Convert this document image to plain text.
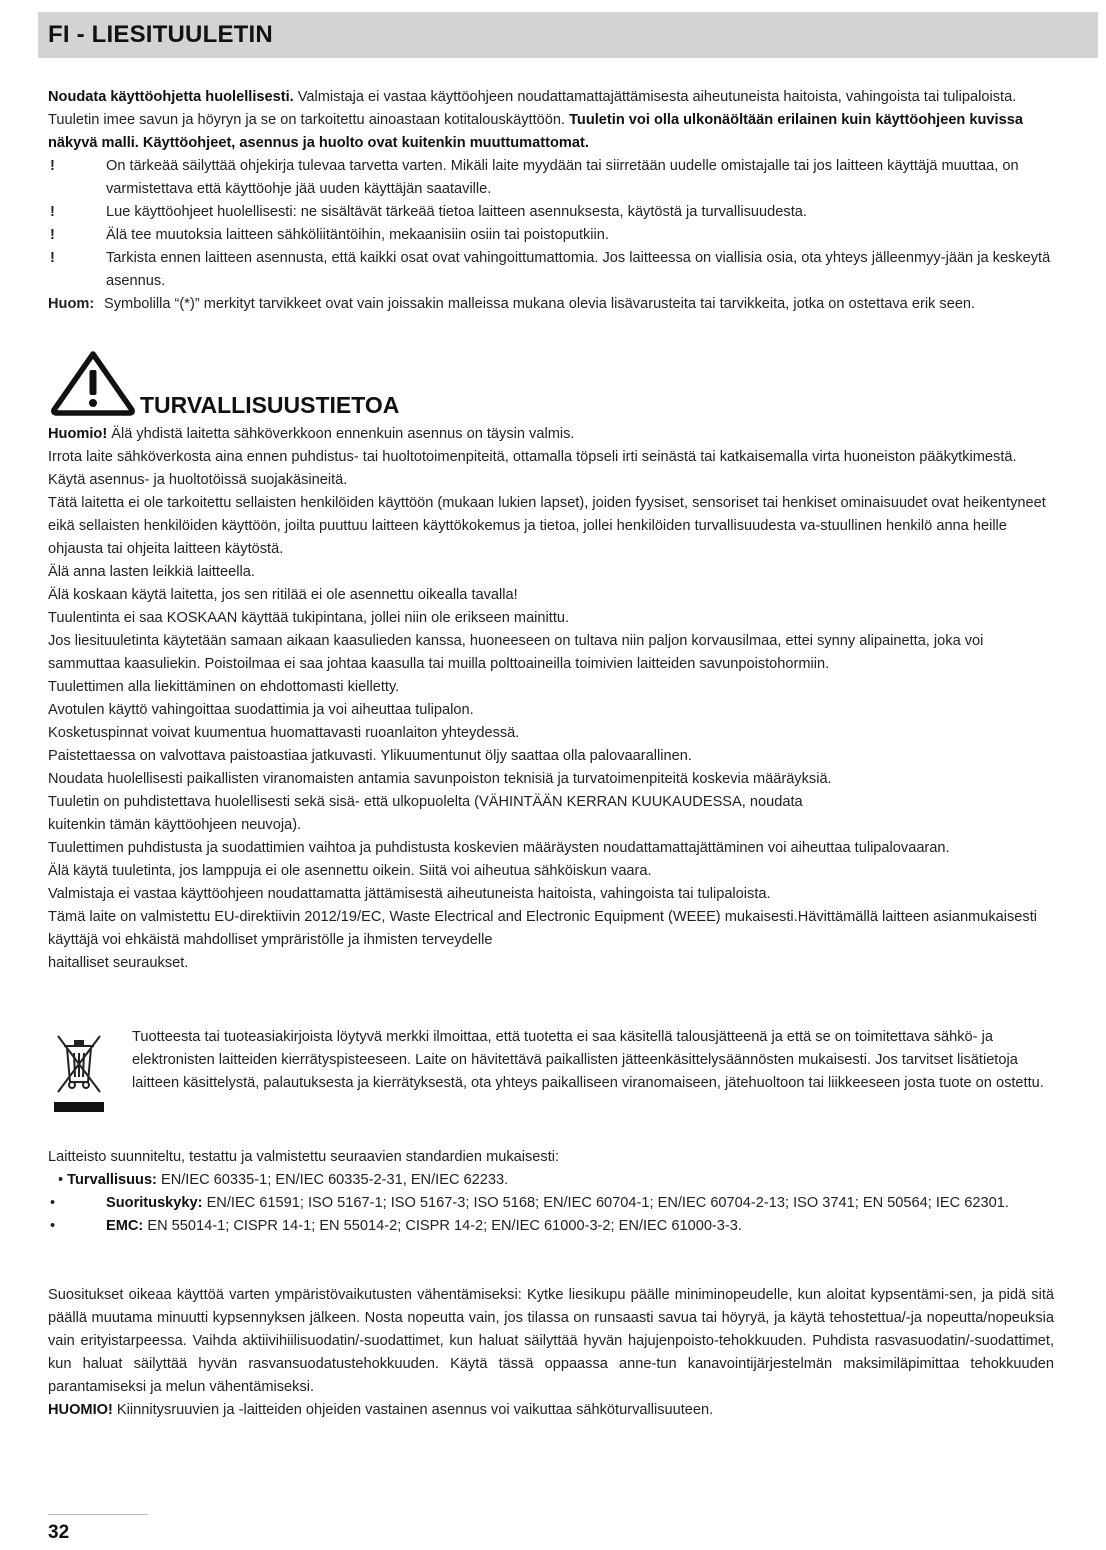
FI - LIESITUULETIN

Noudata käyttöohjetta huolellisesti. Valmistaja ei vastaa käyttöohjeen noudattamattajättämisesta aiheutuneista haitoista, vahingoista tai tulipaloista. Tuuletin imee savun ja höyryn ja se on tarkoitettu ainoastaan kotitalouskäyttöön. Tuuletin voi olla ulkonäöltään erilainen kuin käyttöohjeen kuvissa näkyvä malli. Käyttöohjeet, asennus ja huolto ovat kuitenkin muuttumattomat.

!	On tärkeää säilyttää ohjekirja tulevaa tarvetta varten. Mikäli laite myydään tai siirretään uudelle omistajalle tai jos laitteen käyttäjä muuttaa, on varmistettava että käyttöohje jää uuden käyttäjän saataville.

!	Lue käyttöohjeet huolellisesti: ne sisältävät tärkeää tietoa laitteen asennuksesta, käytöstä ja turvallisuudesta.

!	Älä tee muutoksia laitteen sähköliitäntöihin, mekaanisiin osiin tai poistoputkiin.

!	Tarkista ennen laitteen asennusta, että kaikki osat ovat vahingoittumattomia. Jos laitteessa on viallisia osia, ota yhteys jälleenmyy-jään ja keskeytä asennus.

Huom: Symbolilla “(*)” merkityt tarvikkeet ovat vain joissakin malleissa mukana olevia lisävarusteita tai tarvikkeita, jotka on ostettava erik seen.

TURVALLISUUSTIETOA

Huomio! Älä yhdistä laitetta sähköverkkoon ennenkuin asennus on täysin valmis.

Irrota laite sähköverkosta aina ennen puhdistus- tai huoltotoimenpiteitä, ottamalla töpseli irti seinästä tai katkaisemalla virta huoneiston pääkytkimestä.

Käytä asennus- ja huoltotöissä suojakäsineitä.

Tätä laitetta ei ole tarkoitettu sellaisten henkilöiden käyttöön (mukaan lukien lapset), joiden fyysiset, sensoriset tai henkiset ominaisuudet ovat heikentyneet eikä sellaisten henkilöiden käyttöön, joilta puuttuu laitteen käyttökokemus ja tietoa, jollei henkilöiden turvallisuudesta va-stuullinen henkilö anna heille ohjausta tai ohjeita laitteen käytöstä.

Älä anna lasten leikkiä laitteella.

Älä koskaan käytä laitetta, jos sen ritilää ei ole asennettu oikealla tavalla!

Tuulentinta ei saa KOSKAAN käyttää tukipintana, jollei niin ole erikseen mainittu.

Jos liesituuletinta käytetään samaan aikaan kaasulieden kanssa, huoneeseen on tultava niin paljon korvausilmaa, ettei synny alipainetta, joka voi sammuttaa kaasuliekin. Poistoilmaa ei saa johtaa kaasulla tai muilla polttoaineilla toimivien laitteiden savunpoistohormiin.

Tuulettimen alla liekittäminen on ehdottomasti kielletty.

Avotulen käyttö vahingoittaa suodattimia ja voi aiheuttaa tulipalon.

Kosketuspinnat voivat kuumentua huomattavasti ruoanlaiton yhteydessä.

Paistettaessa on valvottava paistoastiaa jatkuvasti. Ylikuumentunut öljy saattaa olla palovaarallinen.

Noudata huolellisesti paikallisten viranomaisten antamia savunpoiston teknisiä ja turvatoimenpiteitä koskevia määräyksiä.

Tuuletin on puhdistettava huolellisesti sekä sisä- että ulkopuolelta (VÄHINTÄÄN KERRAN KUUKAUDESSA, noudata

kuitenkin tämän käyttöohjeen neuvoja).

Tuulettimen puhdistusta ja suodattimien vaihtoa ja puhdistusta koskevien määräysten noudattamattajättäminen voi aiheuttaa tulipalovaaran.

Älä käytä tuuletinta, jos lamppuja ei ole asennettu oikein. Siitä voi aiheutua sähköiskun vaara.

Valmistaja ei vastaa käyttöohjeen noudattamatta jättämisestä aiheutuneista haitoista, vahingoista tai tulipaloista.

Tämä laite on valmistettu EU-direktiivin 2012/19/EC, Waste Electrical and Electronic Equipment (WEEE) mukaisesti.Hävittämällä laitteen asianmukaisesti käyttäjä voi ehkäistä mahdolliset ympräristölle ja ihmisten terveydelle

haitalliset seuraukset.

Tuotteesta tai tuoteasiakirjoista löytyvä merkki ilmoittaa, että tuotetta ei saa käsitellä talousjätteenä ja että se on toimitettava sähkö- ja elektronisten laitteiden kierrätyspisteeseen. Laite on hävitettävä paikallisten jätteenkäsittelysäännösten mukaisesti. Jos tarvitset lisätietoja laitteen käsittelystä, palautuksesta ja kierrätyksestä, ota yhteys paikalliseen viranomaiseen, jätehuoltoon tai liikkeeseen josta tuote on ostettu.

Laitteisto suunniteltu, testattu ja valmistettu seuraavien standardien mukaisesti:

• Turvallisuus: EN/IEC 60335-1; EN/IEC 60335-2-31, EN/IEC 62233.

•	Suorituskyky: EN/IEC 61591; ISO 5167-1; ISO 5167-3; ISO 5168; EN/IEC 60704-1; EN/IEC 60704-2-13; ISO 3741; EN 50564; IEC 62301.

•	EMC: EN 55014-1; CISPR 14-1; EN 55014-2; CISPR 14-2; EN/IEC 61000-3-2; EN/IEC 61000-3-3.

Suositukset oikeaa käyttöä varten ympäristövaikutusten vähentämiseksi: Kytke liesikupu päälle miniminopeudelle, kun aloitat kypsentämi-sen, ja pidä sitä päällä muutama minuutti kypsennyksen jälkeen. Nosta nopeutta vain, jos tilassa on runsaasti savua tai höyryä, ja käytä tehostettua/-ja nopeutta/nopeuksia vain erityistarpeessa. Vaihda aktiivihiilisuodatin/-suodattimet, kun haluat säilyttää hyvän hajujenpoisto-tehokkuuden. Puhdista rasvasuodatin/-suodattimet, kun haluat säilyttää hyvän rasvansuodatustehokkuuden. Käytä tässä oppaassa anne-tun kanavointijärjestelmän maksimiläpimittaa tehokkuuden parantamiseksi ja melun vähentämiseksi.

HUOMIO! Kiinnitysruuvien ja -laitteiden ohjeiden vastainen asennus voi vaikuttaa sähköturvallisuuteen.

32
